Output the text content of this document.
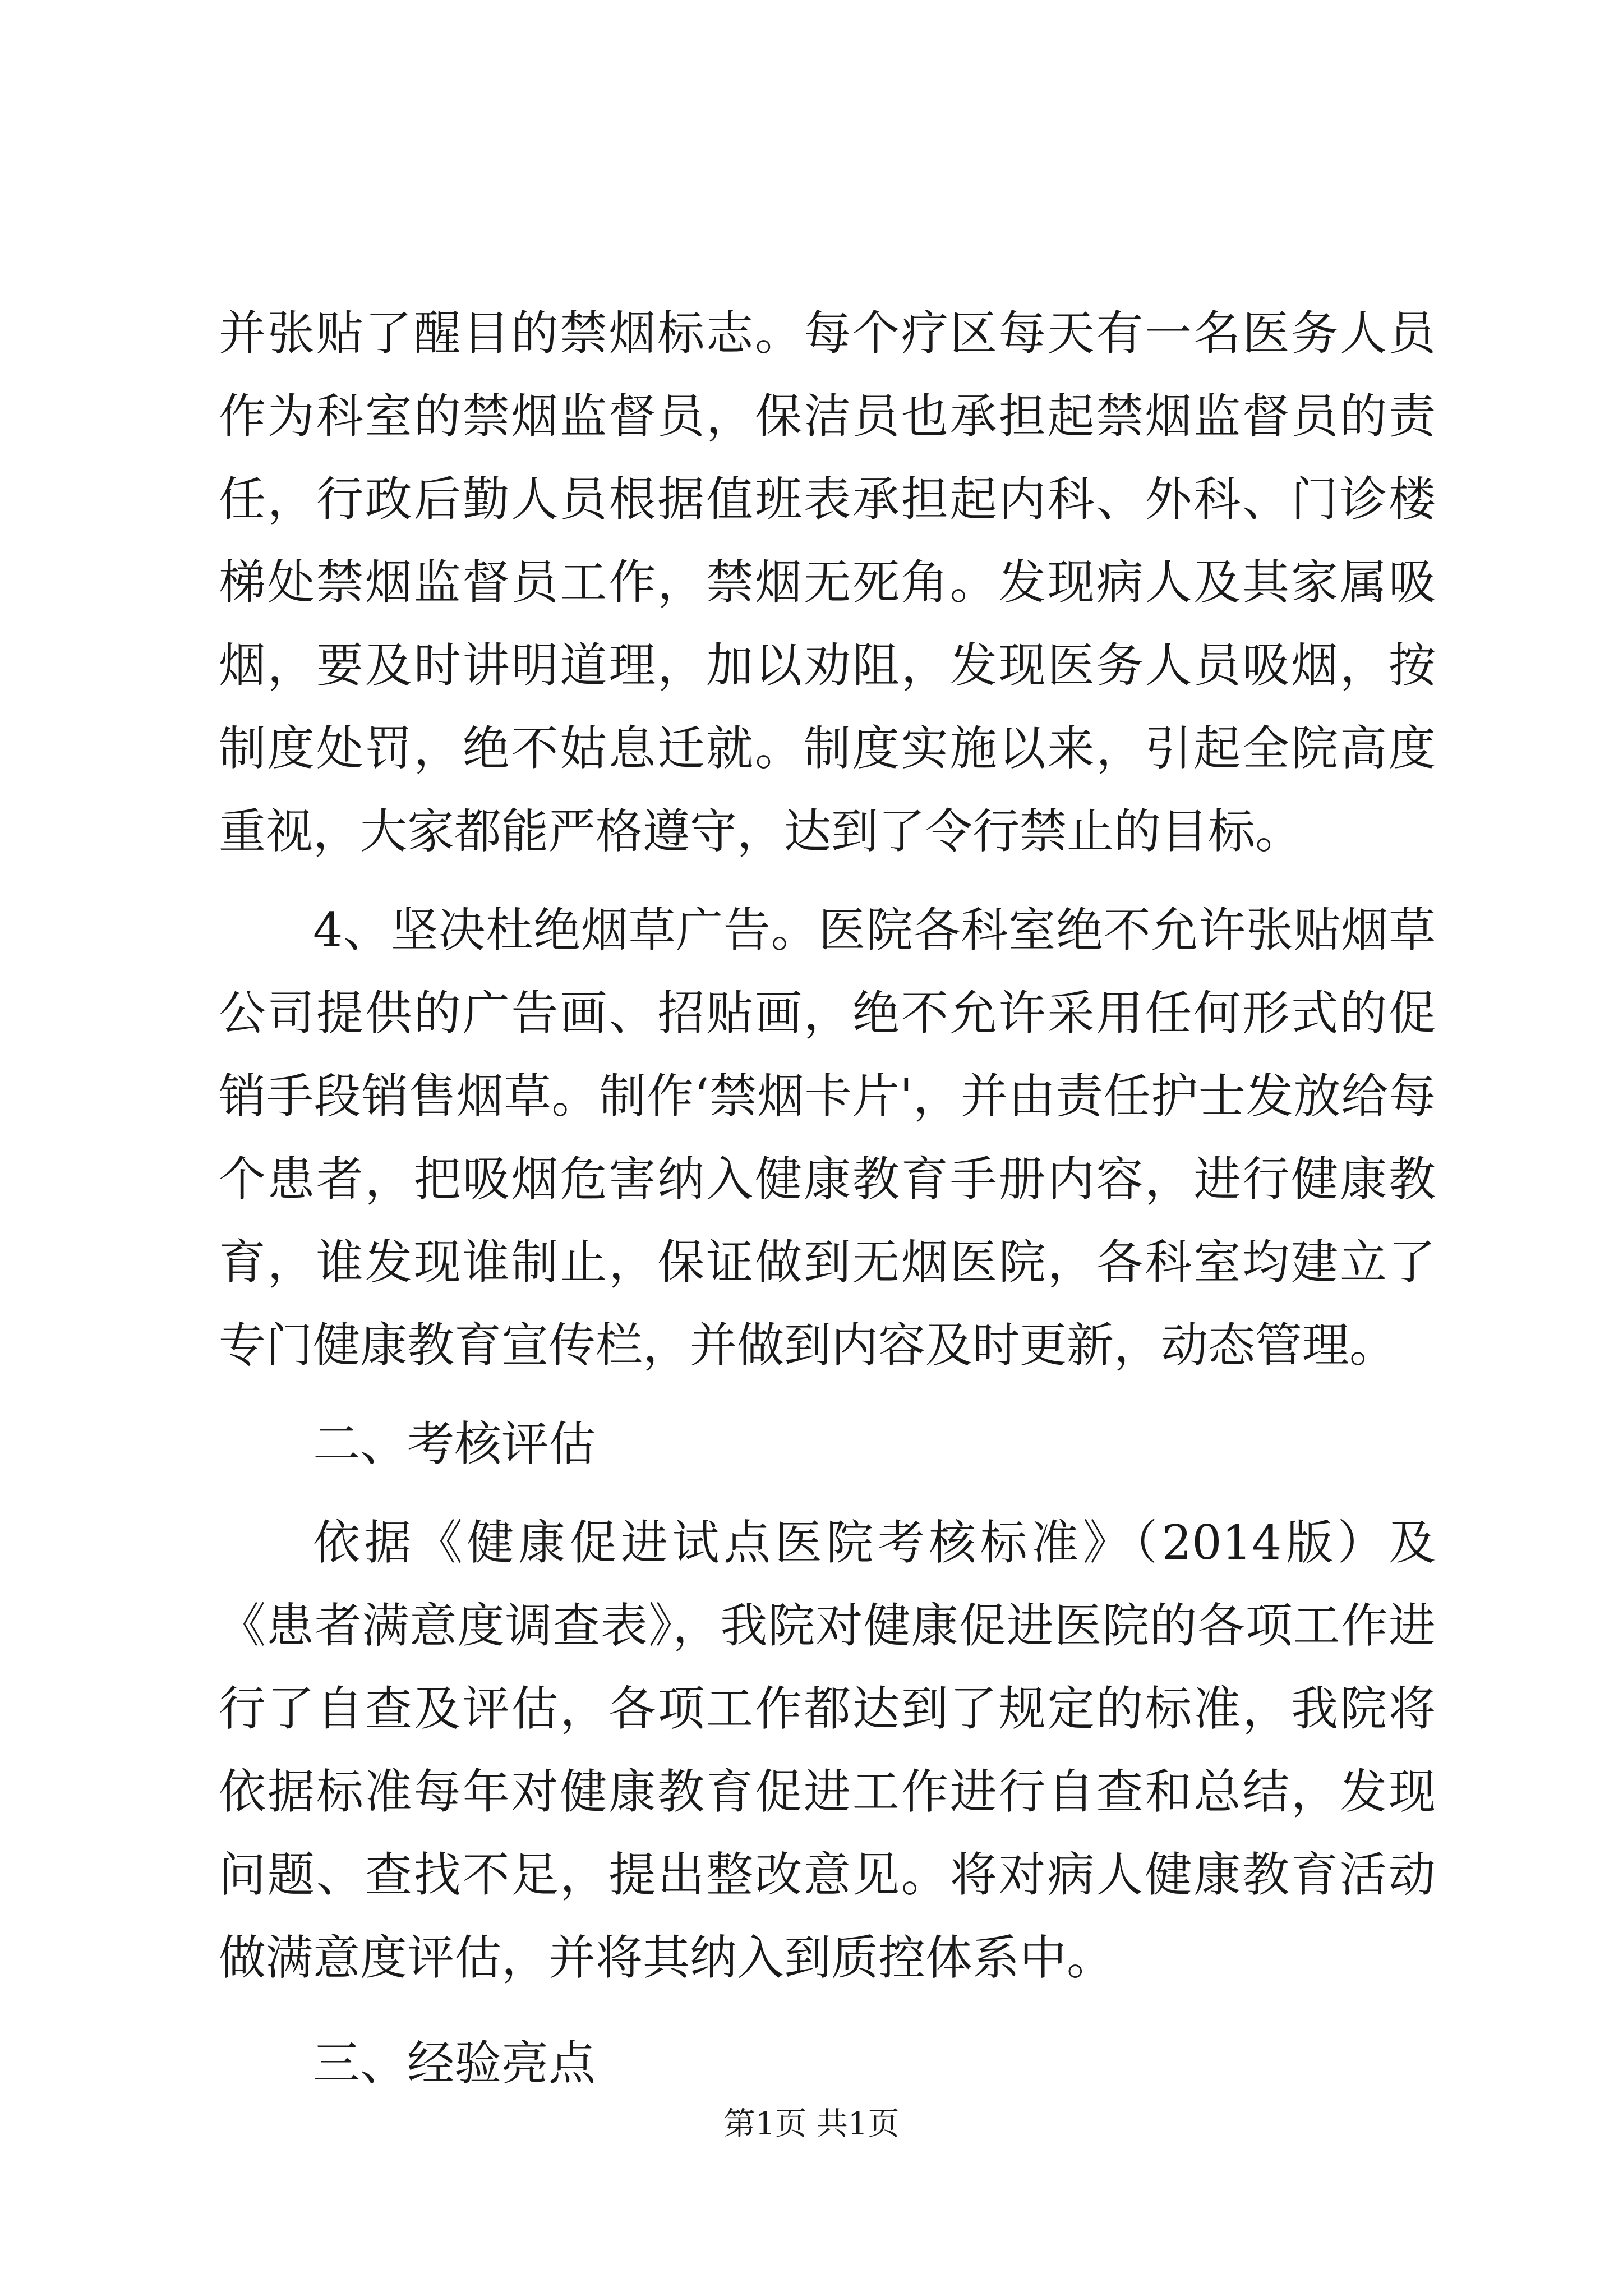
并张贴了醒目的禁烟标志。每个疗区每天有一名医务人员作为科室的禁烟监督员，保洁员也承担起禁烟监督员的责任，行政后勤人员根据值班表承担起内科、外科、门诊楼梯处禁烟监督员工作，禁烟无死角。发现病人及其家属吸烟，要及时讲明道理，加以劝阻，发现医务人员吸烟，按制度处罚，绝不姑息迁就。制度实施以来，引起全院高度重视，大家都能严格遵守，达到了令行禁止的目标。

4、坚决杜绝烟草广告。医院各科室绝不允许张贴烟草公司提供的广告画、招贴画，绝不允许采用任何形式的促销手段销售烟草。制作‘禁烟卡片'，并由责任护士发放给每个患者，把吸烟危害纳入健康教育手册内容，进行健康教育，谁发现谁制止，保证做到无烟医院，各科室均建立了专门健康教育宣传栏，并做到内容及时更新，动态管理。

二、考核评估

依据《健康促进试点医院考核标准》（2014版）及《患者满意度调查表》，我院对健康促进医院的各项工作进行了自查及评估，各项工作都达到了规定的标准，我院将依据标准每年对健康教育促进工作进行自查和总结，发现问题、查找不足，提出整改意见。将对病人健康教育活动做满意度评估，并将其纳入到质控体系中。

三、经验亮点

第1页 共1页
